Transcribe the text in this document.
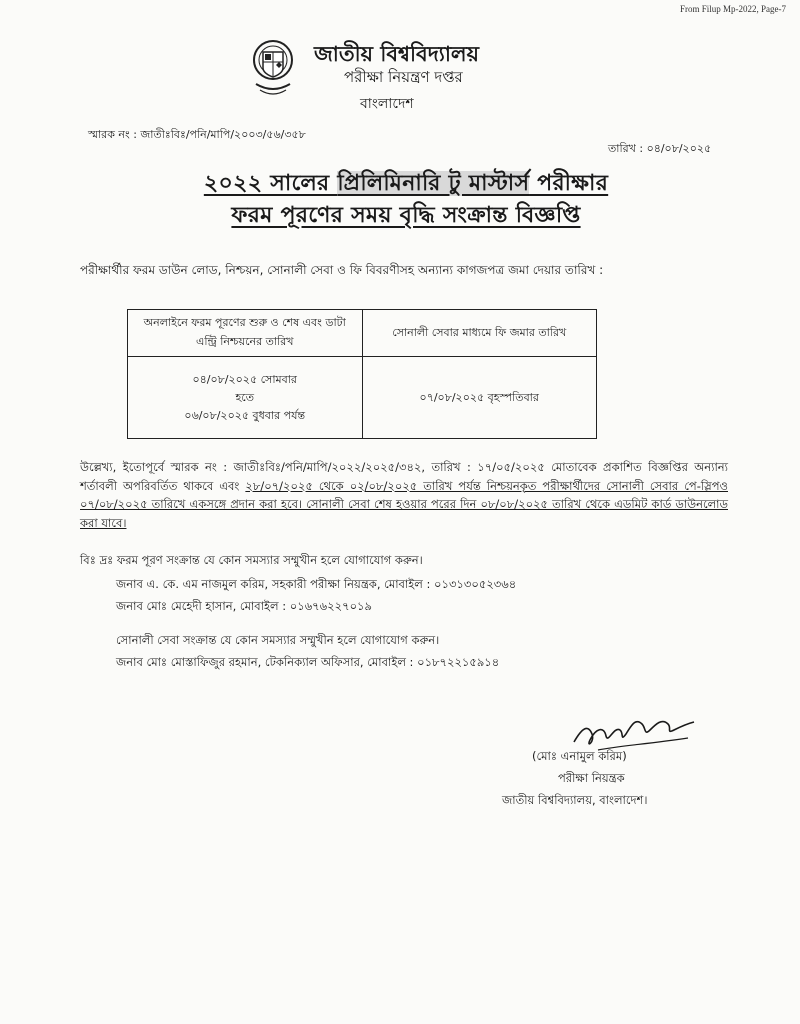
From Filup Mp-2022, Page-7
জাতীয় বিশ্ববিদ্যালয়
পরীক্ষা নিয়ন্ত্রণ দপ্তর
বাংলাদেশ
স্মারক নং : জাতীঃবিঃ/পনি/মাপি/২০০৩/৫৬/৩৫৮
তারিখ : ০৪/০৮/২০২৫
২০২২ সালের প্রিলিমিনারি টু মাস্টার্স পরীক্ষার
ফরম পূরণের সময় বৃদ্ধি সংক্রান্ত বিজ্ঞপ্তি
পরীক্ষার্থীর ফরম ডাউন লোড, নিশ্চয়ন, সোনালী সেবা ও ফি বিবরণীসহ অন্যান্য কাগজপত্র জমা দেয়ার তারিখ :
অনলাইনে ফরম পূরণের শুরু ও শেষ এবং ডাটা এন্ট্রি নিশ্চয়নের তারিখ	সোনালী সেবার মাধ্যমে ফি জমার তারিখ

০৪/০৮/২০২৫ সোমবার
হতে
০৬/০৮/২০২৫ বুধবার পর্যন্ত	০৭/০৮/২০২৫ বৃহস্পতিবার
উল্লেখ্য, ইতোপূর্বে স্মারক নং : জাতীঃবিঃ/পনি/মাপি/২০২২/২০২৫/৩৪২, তারিখ : ১৭/০৫/২০২৫ মোতাবেক প্রকাশিত বিজ্ঞপ্তির অন্যান্য শর্তাবলী অপরিবর্তিত থাকবে এবং ২৮/০৭/২০২৫ থেকে ০২/০৮/২০২৫ তারিখ পর্যন্ত নিশ্চয়নকৃত পরীক্ষার্থীদের সোনালী সেবার পে-স্লিপও ০৭/০৮/২০২৫ তারিখে একসঙ্গে প্রদান করা হবে। সোনালী সেবা শেষ হওয়ার পরের দিন ০৮/০৮/২০২৫ তারিখ থেকে এডমিট কার্ড ডাউনলোড করা যাবে।
বিঃ দ্রঃ ফরম পূরণ সংক্রান্ত যে কোন সমস্যার সম্মুখীন হলে যোগাযোগ করুন।
জনাব এ. কে. এম নাজমুল করিম, সহকারী পরীক্ষা নিয়ন্ত্রক, মোবাইল : ০১৩১৩০৫২৩৬৪
জনাব মোঃ মেহেদী হাসান, মোবাইল : ০১৬৭৬২২৭০১৯
সোনালী সেবা সংক্রান্ত যে কোন সমস্যার সম্মুখীন হলে যোগাযোগ করুন।
জনাব মোঃ মোস্তাফিজুর রহমান, টেকনিক্যাল অফিসার, মোবাইল : ০১৮৭২২১৫৯১৪
(মোঃ এনামুল করিম)
পরীক্ষা নিয়ন্ত্রক
জাতীয় বিশ্ববিদ্যালয়, বাংলাদেশ।
